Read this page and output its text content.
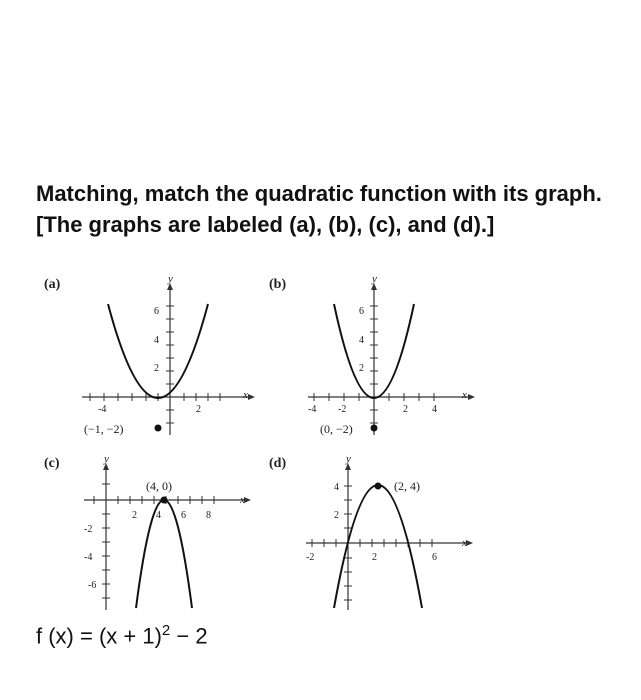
Matching, match the quadratic function with its graph. [The graphs are labeled (a), (b), (c), and (d).]
(a)	y
x
-4	2
6
4
2
(−1, −2)
(b)	y
x
-4 -2	2 4
6
4
2
(0, −2)
(c)	y
x
2 4 6 8
-2
-4
-6
(4, 0)
(d)	y
x
-2	2	6
4
2
(2, 4)
f $(x) = (x + 1)^2 - 2$
